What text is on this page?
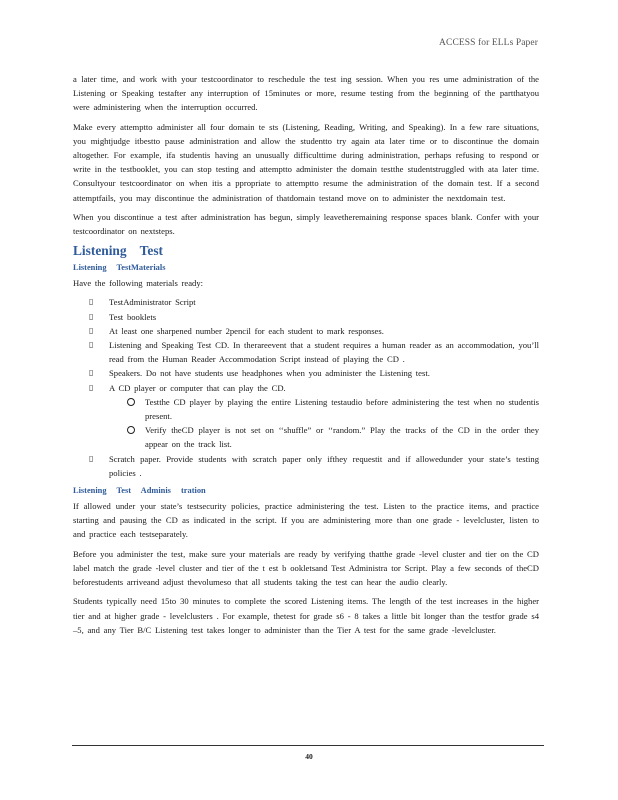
ACCESS for ELLs Paper

a later time, and work with your testcoordinator to reschedule the test ing session. When you res ume administration of the Listening or Speaking testafter any interruption of 15minutes or more, resume testing from the beginning of the partthatyou were administering when the interruption occurred.

Make every attemptto administer all four domain te sts (Listening, Reading, Writing, and Speaking). In a few rare situations, you mightjudge itbestto pause administration and allow the studentto try again ata later time or to discontinue the domain altogether. For example, ifa studentis having an unusually difficulttime during administration, perhaps refusing to respond or write in the testbooklet, you can stop testing and attemptto administer the domain testthe studentstruggled with ata later time. Consultyour testcoordinator on when itis a ppropriate to attemptto resume the administration of the domain test. If a second attemptfails, you may discontinue the administration of thatdomain testand move on to administer the nextdomain test.

When you discontinue a test after administration has begun, simply leavetheremaining response spaces blank. Confer with your testcoordinator on nextsteps.

Listening Test
Listening TestMaterials

Have the following materials ready:

▯ TestAdministrator Script
▯ Test booklets
▯ At least one sharpened number 2pencil for each student to mark responses.
▯ Listening and Speaking Test CD. In therareevent that a student requires a human reader as an accommodation, you’ll read from the Human Reader Accommodation Script instead of playing the CD .
▯ Speakers. Do not have students use headphones when you administer the Listening test.
▯ A CD player or computer that can play the CD.
Testthe CD player by playing the entire Listening testaudio before administering the test when no studentis present.
Verify theCD player is not set on ‘‘shuffle” or ‘‘random.” Play the tracks of the CD in the order they appear on the track list.
▯ Scratch paper. Provide students with scratch paper only ifthey requestit and if allowedunder your state’s testing policies .
Listening Test Adminis tration

If allowed under your state’s testsecurity policies, practice administering the test. Listen to the practice items, and practice starting and pausing the CD as indicated in the script. If you are administering more than one grade - levelcluster, listen to and practice each testseparately.

Before you administer the test, make sure your materials are ready by verifying thatthe grade -level cluster and tier on the CD label match the grade -level cluster and tier of the t est b ookletsand Test Administra tor Script. Play a few seconds of theCD beforestudents arriveand adjust thevolumeso that all students taking the test can hear the audio clearly.

Students typically need 15to 30 minutes to complete the scored Listening items. The length of the test increases in the higher tier and at higher grade - levelclusters . For example, thetest for grade s6 - 8 takes a little bit longer than the testfor grade s4 –5, and any Tier B/C Listening test takes longer to administer than the Tier A test for the same grade -levelcluster.

40
